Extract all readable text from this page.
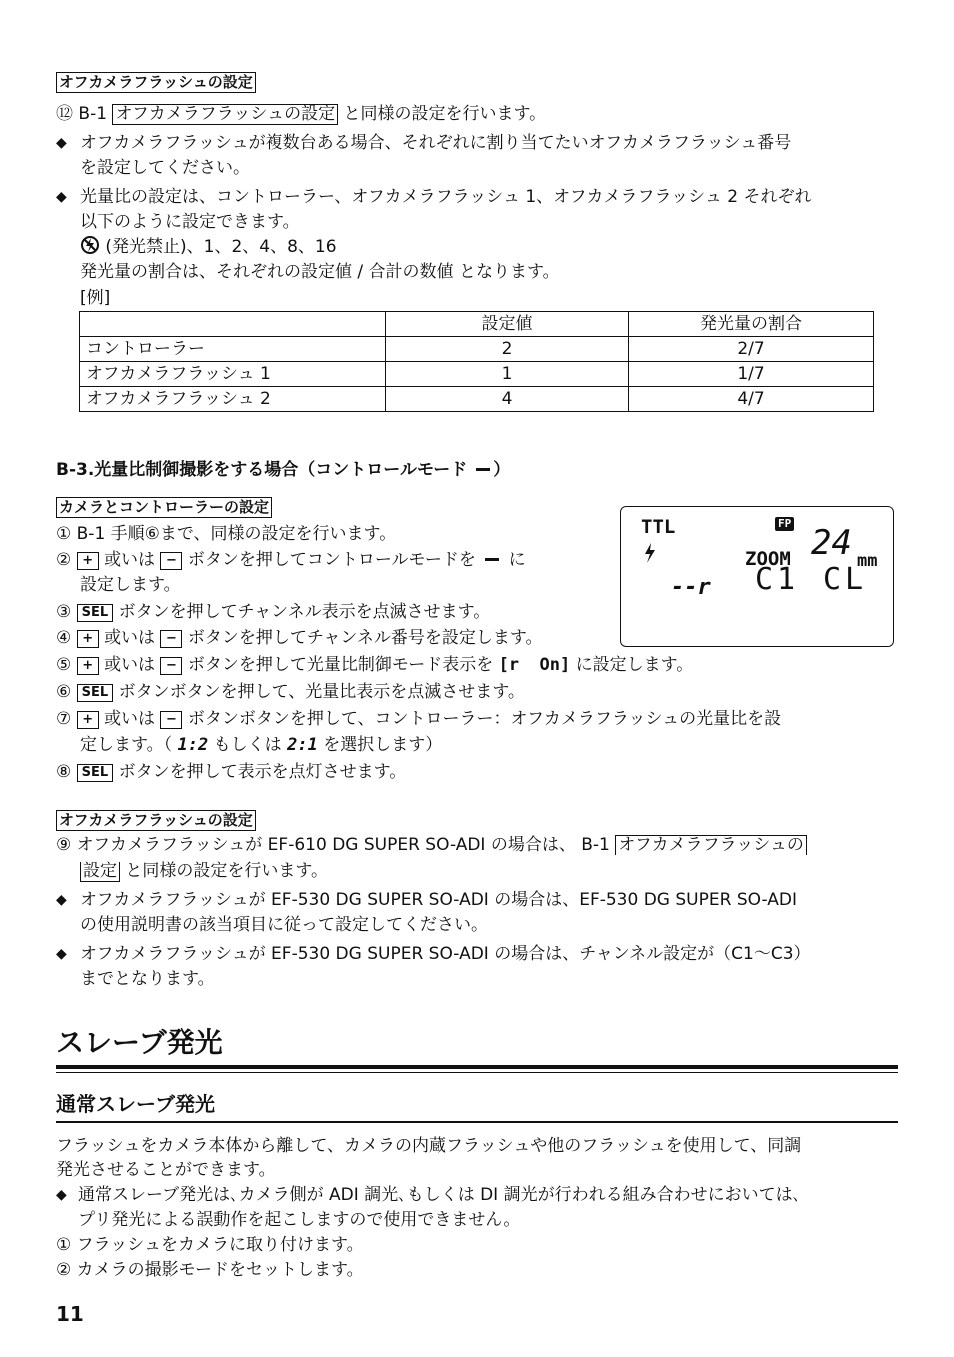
オフカメラフラッシュの設定
⑫ B-1 オフカメラフラッシュの設定 と同様の設定を行います。
◆ オフカメラフラッシュが複数台ある場合、それぞれに割り当てたいオフカメラフラッシュ番号
を設定してください。
◆ 光量比の設定は、コントローラー、オフカメラフラッシュ 1、オフカメラフラッシュ 2 それぞれ
以下のように設定できます。
(発光禁止)、1、2、4、8、16
発光量の割合は、それぞれの設定値 / 合計の数値 となります。
[例]
	設定値	発光量の割合
コントローラー	2	2/7
オフカメラフラッシュ 1	1	1/7
オフカメラフラッシュ 2	4	4/7
B-3.光量比制御撮影をする場合（コントロールモード ）
カメラとコントローラーの設定
① B-1 手順⑥まで、同様の設定を行います。
② + 或いは − ボタンを押してコントロールモードを に
設定します。
③ SEL ボタンを押してチャンネル表示を点滅させます。
④ + 或いは − ボタンを押してチャンネル番号を設定します。
⑤ + 或いは − ボタンを押して光量比制御モード表示を [r  On] に設定します。
⑥ SEL ボタンボタンを押して、光量比表示を点滅させます。
⑦ + 或いは − ボタンボタンを押して、コントローラー：オフカメラフラッシュの光量比を設
定します。（ 1:2 もしくは 2:1 を選択します）
⑧ SEL ボタンを押して表示を点灯させます。
TTL	FP
ZOOM 24 mm
--r C1 CL
オフカメラフラッシュの設定
⑨ オフカメラフラッシュが EF-610 DG SUPER SO-ADI の場合は、 B-1 オフカメラフラッシュの
設定 と同様の設定を行います。
◆ オフカメラフラッシュが EF-530 DG SUPER SO-ADI の場合は、EF-530 DG SUPER SO-ADI
の使用説明書の該当項目に従って設定してください。
◆ オフカメラフラッシュが EF-530 DG SUPER SO-ADI の場合は、チャンネル設定が（C1〜C3）
までとなります。
スレーブ発光
通常スレーブ発光
フラッシュをカメラ本体から離して、カメラの内蔵フラッシュや他のフラッシュを使用して、同調
発光させることができます。
◆ 通常スレーブ発光は､カメラ側が ADI 調光､もしくは DI 調光が行われる組み合わせにおいては､
プリ発光による誤動作を起こしますので使用できません。
① フラッシュをカメラに取り付けます。
② カメラの撮影モードをセットします。
11
